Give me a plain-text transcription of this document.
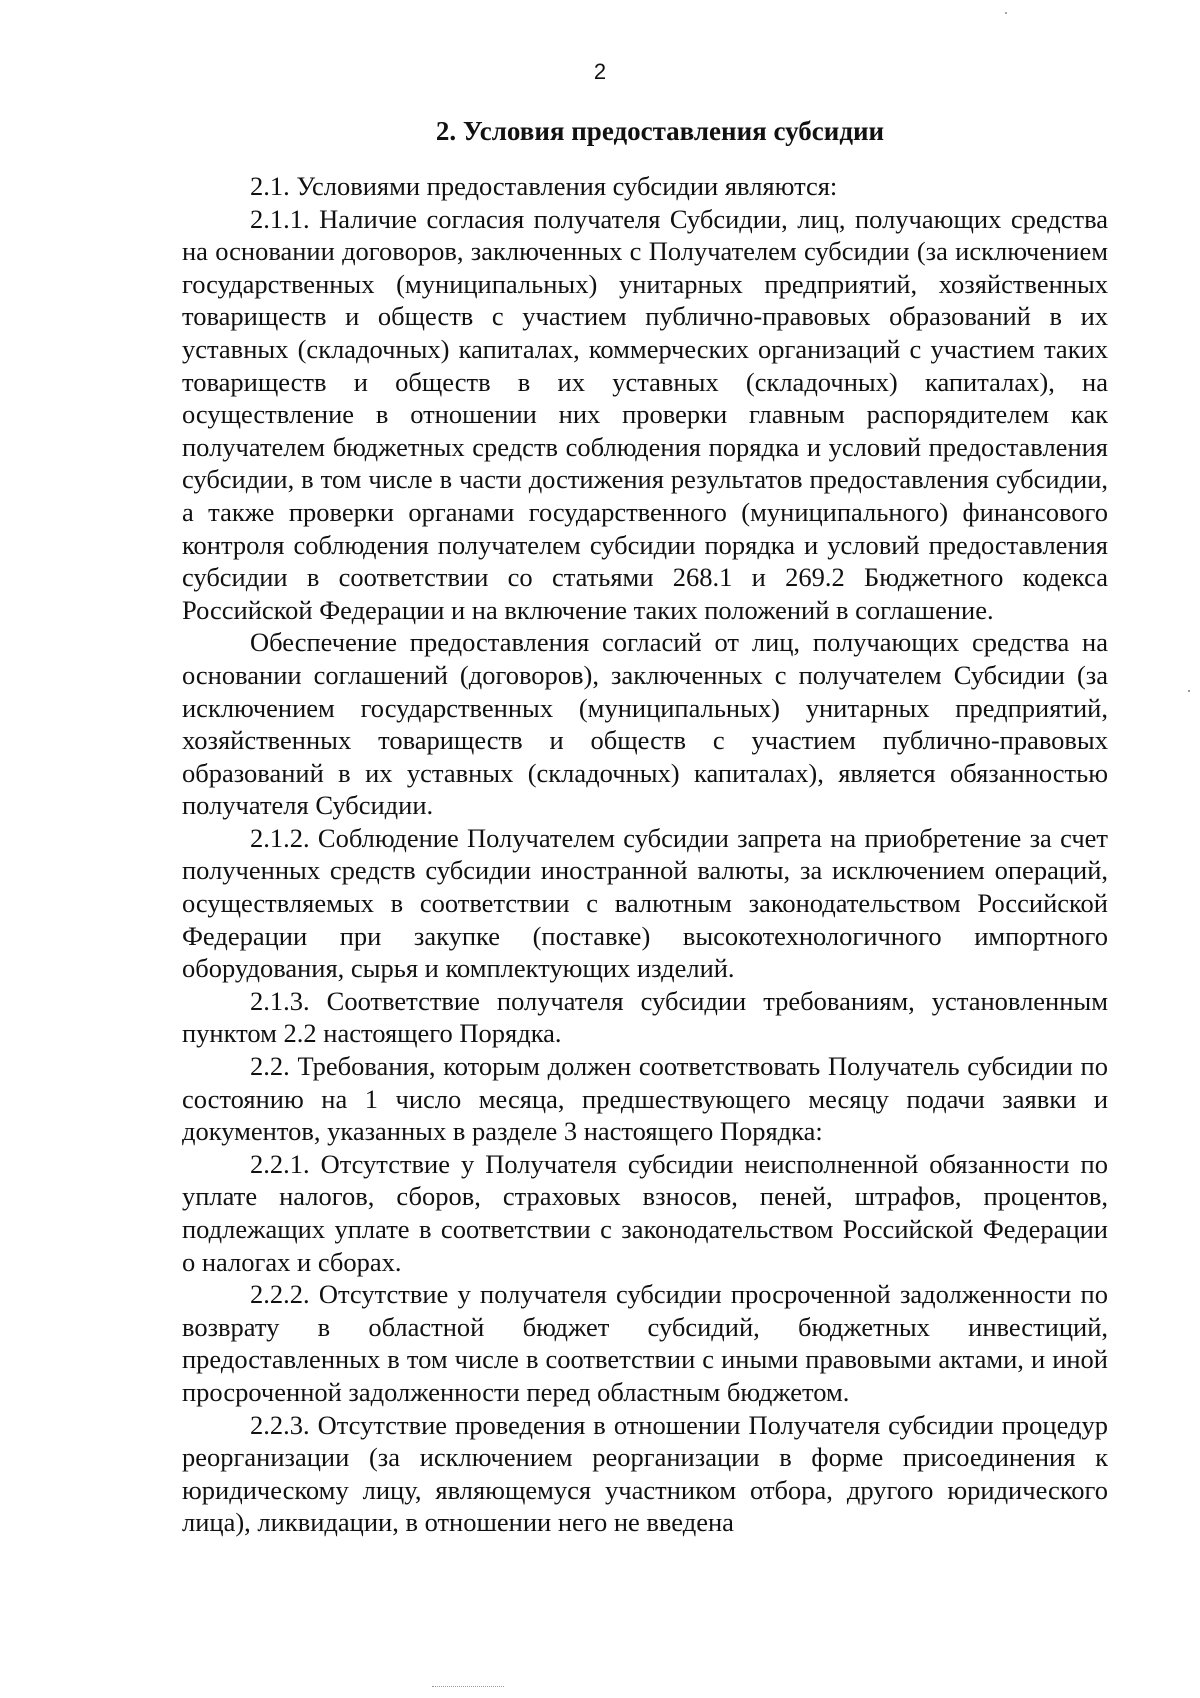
2
2. Условия предоставления субсидии

2.1. Условиями предоставления субсидии являются:

2.1.1. Наличие согласия получателя Субсидии, лиц, получающих средства на основании договоров, заключенных с Получателем субсидии (за исключением государственных (муниципальных) унитарных предприятий, хозяйственных товариществ и обществ с участием публично-правовых образований в их уставных (складочных) капиталах, коммерческих организаций с участием таких товариществ и обществ в их уставных (складочных) капиталах), на осуществление в отношении них проверки главным распорядителем как получателем бюджетных средств соблюдения порядка и условий предоставления субсидии, в том числе в части достижения результатов предоставления субсидии, а также проверки органами государственного (муниципального) финансового контроля соблюдения получателем субсидии порядка и условий предоставления субсидии в соответствии со статьями 268.1 и 269.2 Бюджетного кодекса Российской Федерации и на включение таких положений в соглашение.

Обеспечение предоставления согласий от лиц, получающих средства на основании соглашений (договоров), заключенных с получателем Субсидии (за исключением государственных (муниципальных) унитарных предприятий, хозяйственных товариществ и обществ с участием публично-правовых образований в их уставных (складочных) капиталах), является обязанностью получателя Субсидии.

2.1.2. Соблюдение Получателем субсидии запрета на приобретение за счет полученных средств субсидии иностранной валюты, за исключением операций, осуществляемых в соответствии с валютным законодательством Российской Федерации при закупке (поставке) высокотехнологичного импортного оборудования, сырья и комплектующих изделий.

2.1.3. Соответствие получателя субсидии требованиям, установленным пунктом 2.2 настоящего Порядка.

2.2. Требования, которым должен соответствовать Получатель субсидии по состоянию на 1 число месяца, предшествующего месяцу подачи заявки и документов, указанных в разделе 3 настоящего Порядка:

2.2.1. Отсутствие у Получателя субсидии неисполненной обязанности по уплате налогов, сборов, страховых взносов, пеней, штрафов, процентов, подлежащих уплате в соответствии с законодательством Российской Федерации о налогах и сборах.

2.2.2. Отсутствие у получателя субсидии просроченной задолженности по возврату в областной бюджет субсидий, бюджетных инвестиций, предоставленных в том числе в соответствии с иными правовыми актами, и иной просроченной задолженности перед областным бюджетом.

2.2.3. Отсутствие проведения в отношении Получателя субсидии процедур реорганизации (за исключением реорганизации в форме присоединения к юридическому лицу, являющемуся участником отбора, другого юридического лица), ликвидации, в отношении него не введена
